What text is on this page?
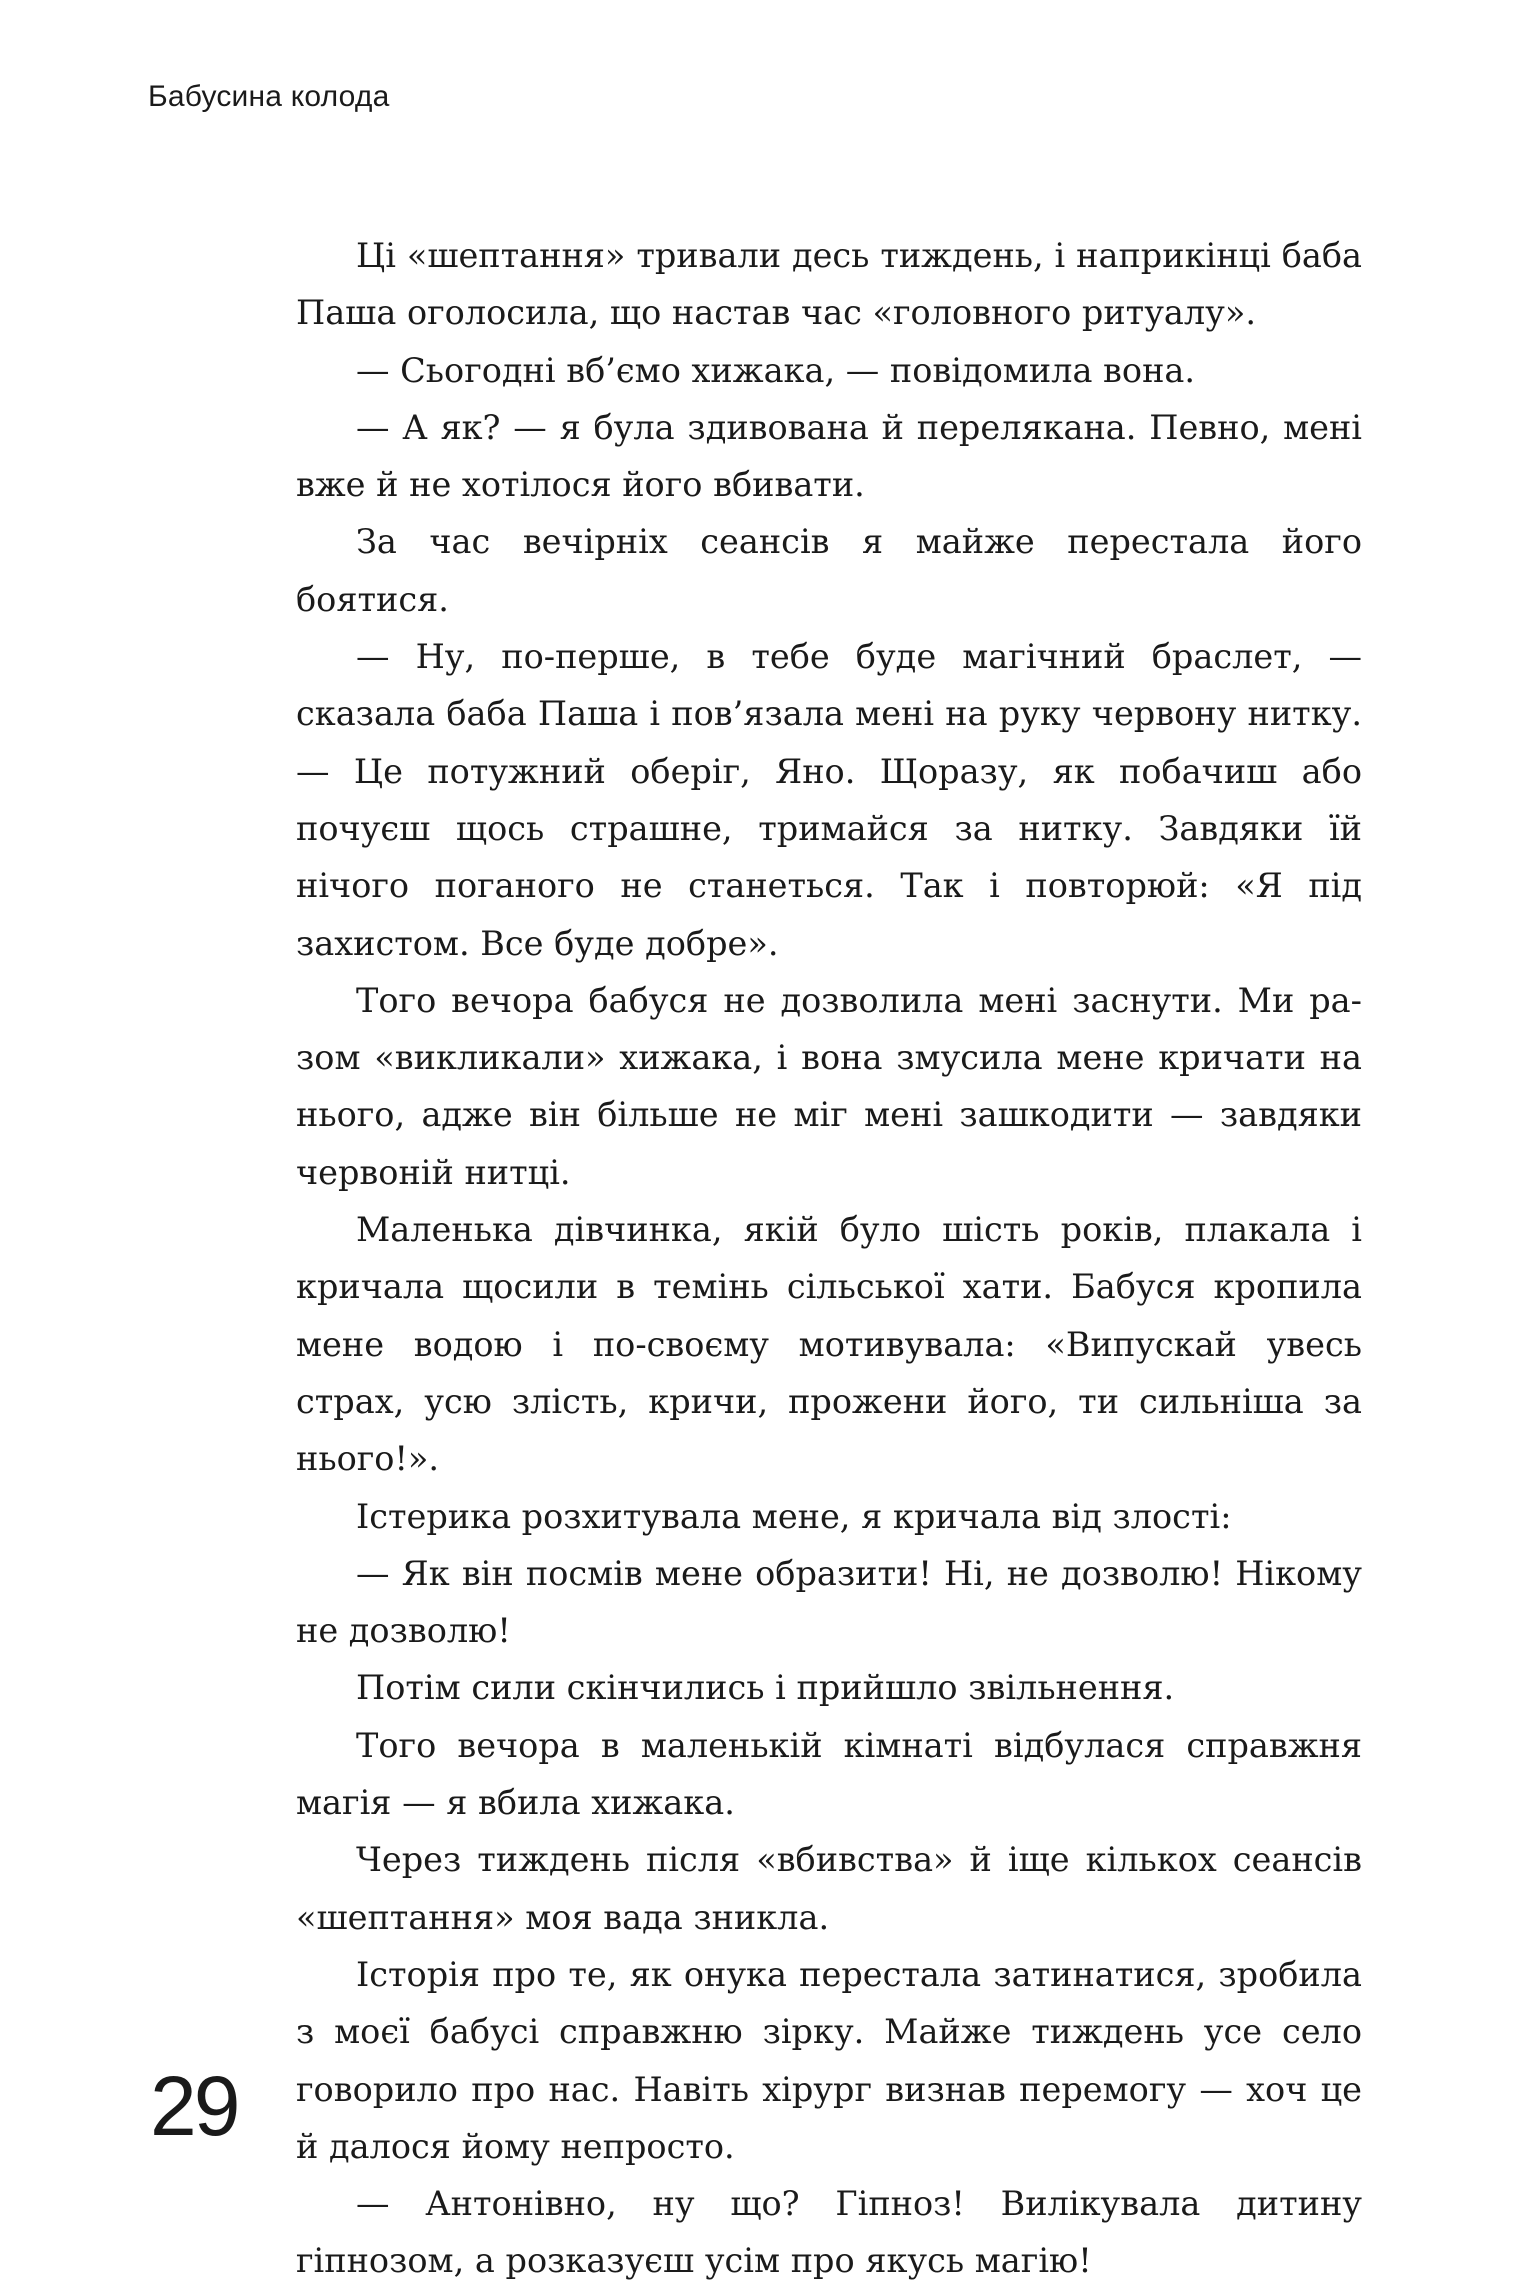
Бабусина колода

Ці «шептання» тривали десь тиждень, і наприкінці баба Паша оголосила, що настав час «головного ритуалу».

— Сьогодні вб’ємо хижака, — повідомила вона.

— А як? — я була здивована й перелякана. Певно, мені вже й не хотілося його вбивати.

За час вечірніх сеансів я майже перестала його боятися.

— Ну, по-перше, в тебе буде магічний браслет, — сказала баба Паша і пов’язала мені на руку червону нитку. — Це потужний оберіг, Яно. Щоразу, як побачиш або почуєш щось страшне, тримайся за нитку. Завдяки їй нічого поганого не станеться. Так і повторюй: «Я під захистом. Все буде добре».

Того вечора бабуся не дозволила мені заснути. Ми разом «викликали» хижака, і вона змусила мене кричати на нього, адже він більше не міг мені зашкодити — завдяки червоній нитці.

Маленька дівчинка, якій було шість років, плакала і кричала щосили в темінь сільської хати. Бабуся кропила мене водою і по-своєму мотивувала: «Випускай увесь страх, усю злість, кричи, прожени його, ти сильніша за нього!».

Істерика розхитувала мене, я кричала від злості:

— Як він посмів мене образити! Ні, не дозволю! Нікому не дозволю!

Потім сили скінчились і прийшло звільнення.

Того вечора в маленькій кімнаті відбулася справжня магія — я вбила хижака.

Через тиждень після «вбивства» й іще кількох сеансів «шептання» моя вада зникла.

Історія про те, як онука перестала затинатися, зробила з моєї бабусі справжню зірку. Майже тиждень усе село говорило про нас. Навіть хірург визнав перемогу — хоч це й далося йому непросто.

— Антонівно, ну що? Гіпноз! Вилікувала дитину гіпнозом, а розказуєш усім про якусь магію!

29
